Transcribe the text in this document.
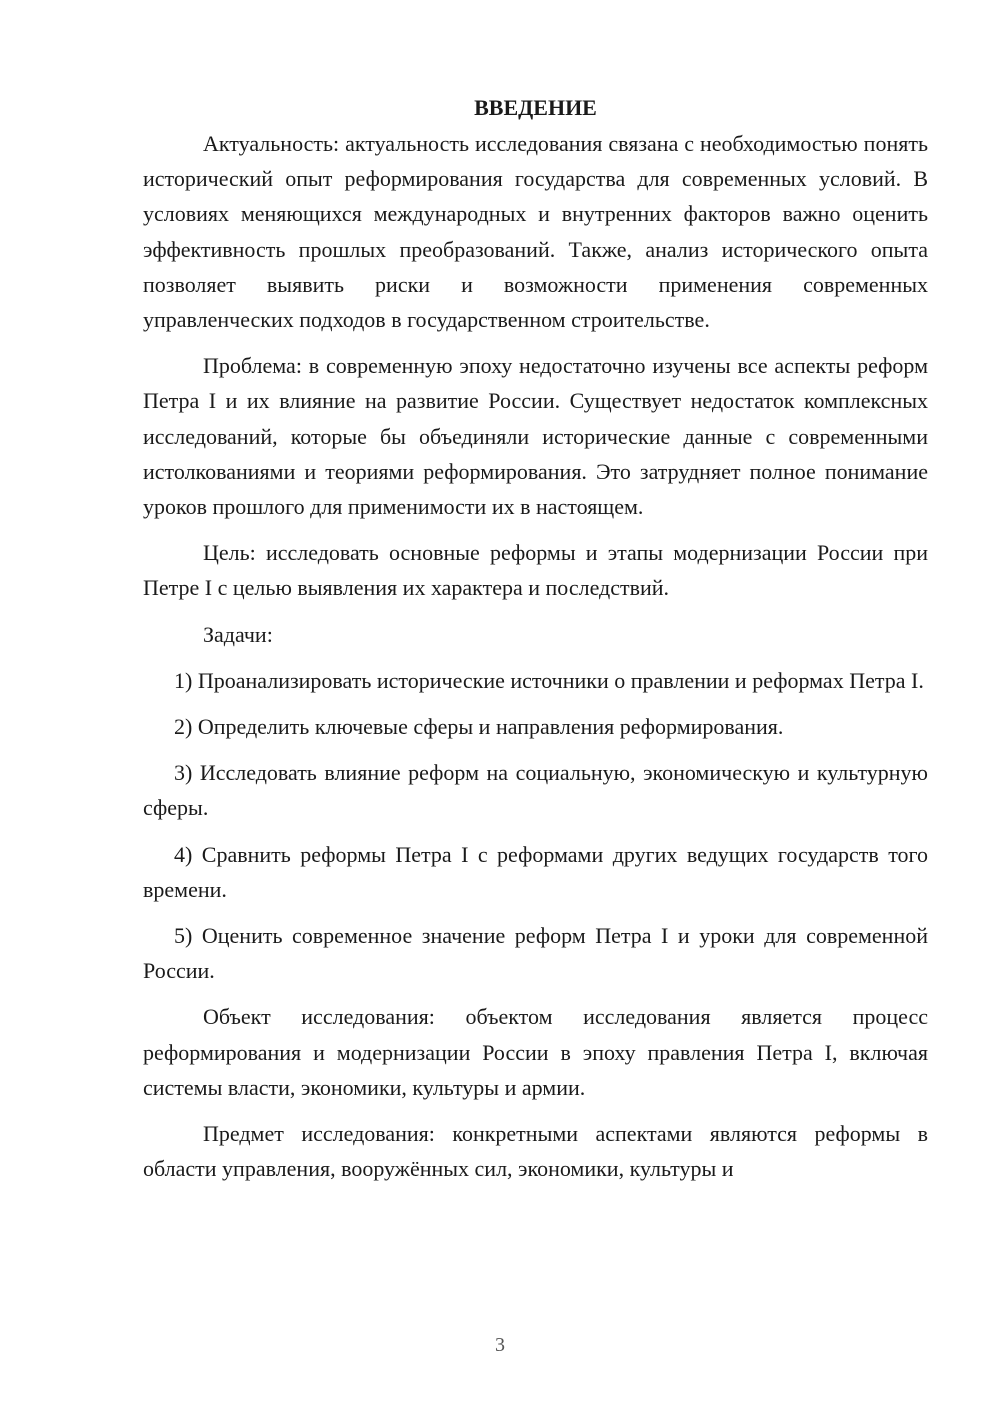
ВВЕДЕНИЕ

Актуальность: актуальность исследования связана с необходимостью понять исторический опыт реформирования государства для современных условий. В условиях меняющихся международных и внутренних факторов важно оценить эффективность прошлых преобразований. Также, анализ исторического опыта позволяет выявить риски и возможности применения современных управленческих подходов в государственном строительстве.

Проблема: в современную эпоху недостаточно изучены все аспекты реформ Петра I и их влияние на развитие России. Существует недостаток комплексных исследований, которые бы объединяли исторические данные с современными истолкованиями и теориями реформирования. Это затрудняет полное понимание уроков прошлого для применимости их в настоящем.

Цель: исследовать основные реформы и этапы модернизации России при Петре I с целью выявления их характера и последствий.

Задачи:

1) Проанализировать исторические источники о правлении и реформах Петра I.

2) Определить ключевые сферы и направления реформирования.

3) Исследовать влияние реформ на социальную, экономическую и культурную сферы.

4) Сравнить реформы Петра I с реформами других ведущих государств того времени.

5) Оценить современное значение реформ Петра I и уроки для современной России.

Объект исследования: объектом исследования является процесс реформирования и модернизации России в эпоху правления Петра I, включая системы власти, экономики, культуры и армии.

Предмет исследования: конкретными аспектами являются реформы в области управления, вооружённых сил, экономики, культуры и

3
